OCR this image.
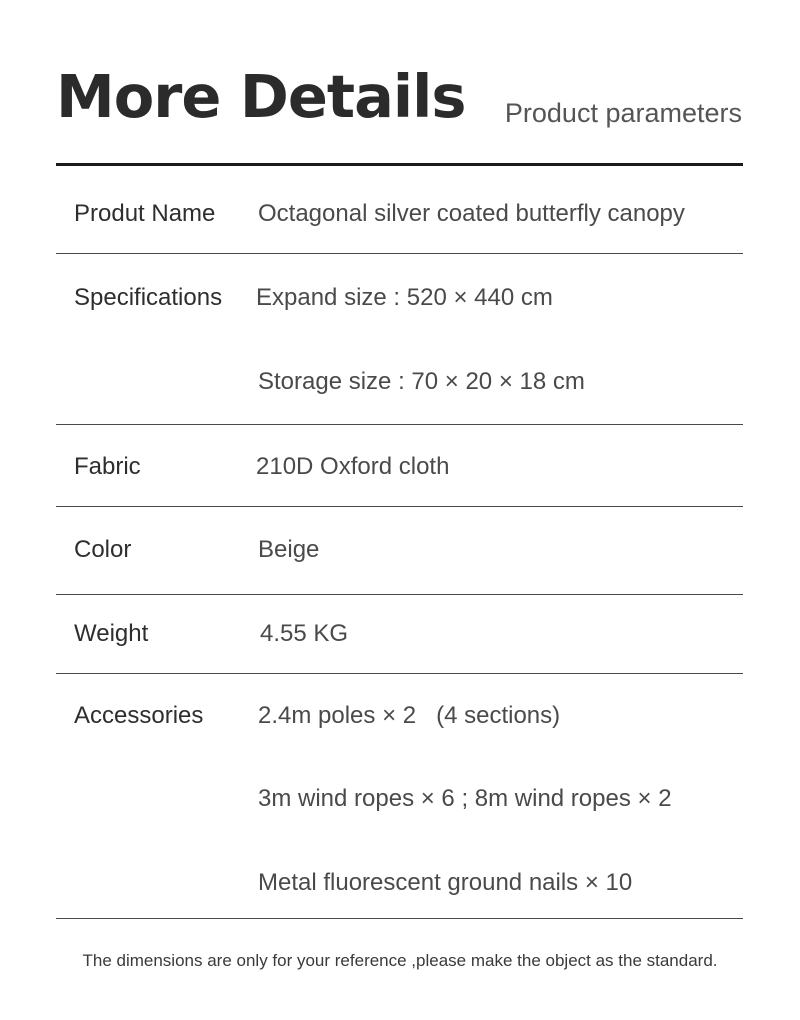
More Details Product parameters
Produt Name Octagonal silver coated butterfly canopy
Specifications Expand size : 520 × 440 cm
Storage size : 70 × 20 × 18 cm
Fabric	210D Oxford cloth
Color	Beige
Weight	4.55 KG
Accessories 2.4m poles × 2   (4 sections)
3m wind ropes × 6 ; 8m wind ropes × 2
Metal fluorescent ground nails × 10
The dimensions are only for your reference ,please make the object as the standard.
